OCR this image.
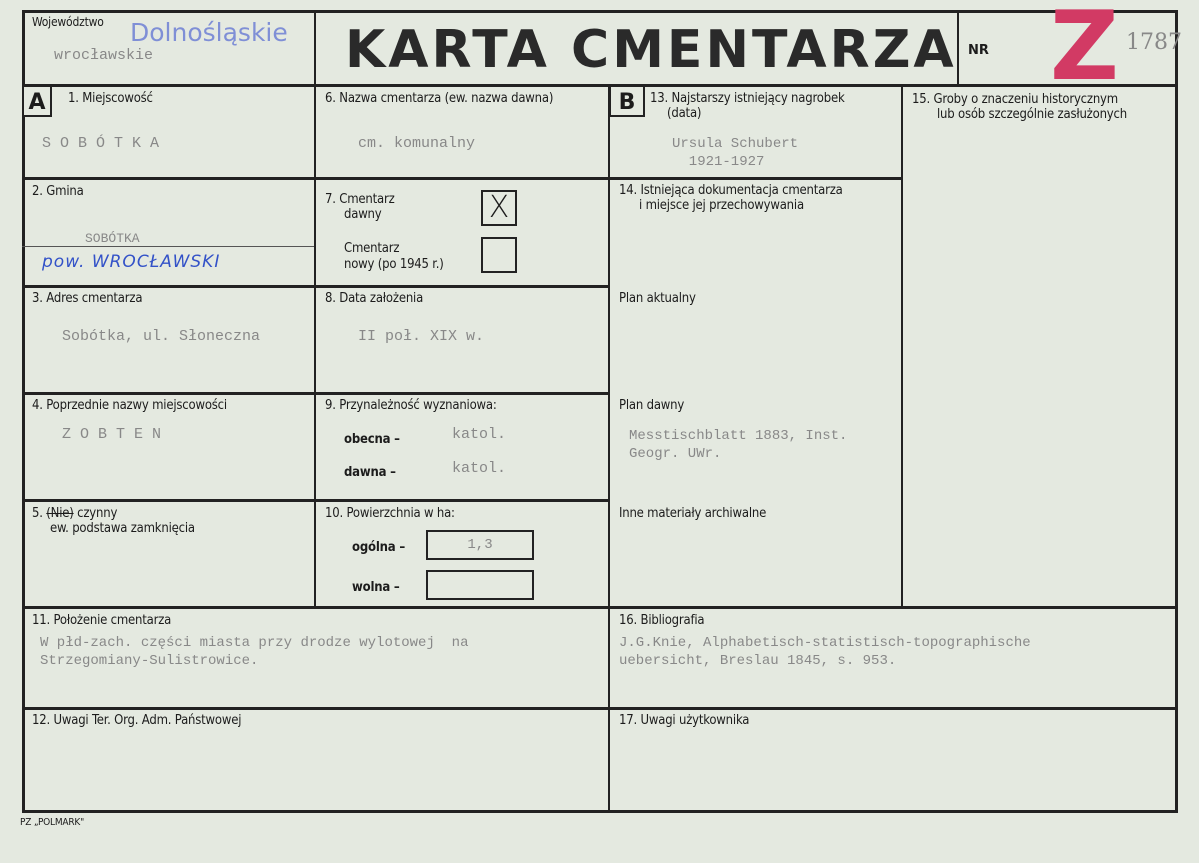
Województwo Dolnośląskie
wrocławskie	KARTA CMENTARZA NR Z 1787
A	1. Miejscowość
S O B Ó T K A
2. Gmina
SOBÓTKA
pow. WROCŁAWSKI
3. Adres cmentarza
Sobótka, ul. Słoneczna
4. Poprzednie nazwy miejscowości
Z O B T E N
5. (Nie) czynny
ew. podstawa zamknięcia
6. Nazwa cmentarza (ew. nazwa dawna)
cm. komunalny
7. Cmentarz
dawny	X
Cmentarz
nowy (po 1945 r.)
8. Data założenia
II poł. XIX w.
9. Przynależność wyznaniowa:
obecna –	katol.
dawna –	katol.
10. Powierzchnia w ha:
ogólna –	1,3
wolna –
B	13. Najstarszy istniejący nagrobek
(data)
Ursula Schubert
1921-1927
14. Istniejąca dokumentacja cmentarza
i miejsce jej przechowywania
Plan aktualny
Plan dawny
Messtischblatt 1883, Inst.
Geogr. UWr.
Inne materiały archiwalne
15. Groby o znaczeniu historycznym
lub osób szczególnie zasłużonych
11. Położenie cmentarza
W płd-zach. części miasta przy drodze wylotowej  na
Strzegomiany-Sulistrowice.
12. Uwagi Ter. Org. Adm. Państwowej
16. Bibliografia
J.G.Knie, Alphabetisch-statistisch-topographische
uebersicht, Breslau 1845, s. 953.
17. Uwagi użytkownika
PZ „POLMARK"
